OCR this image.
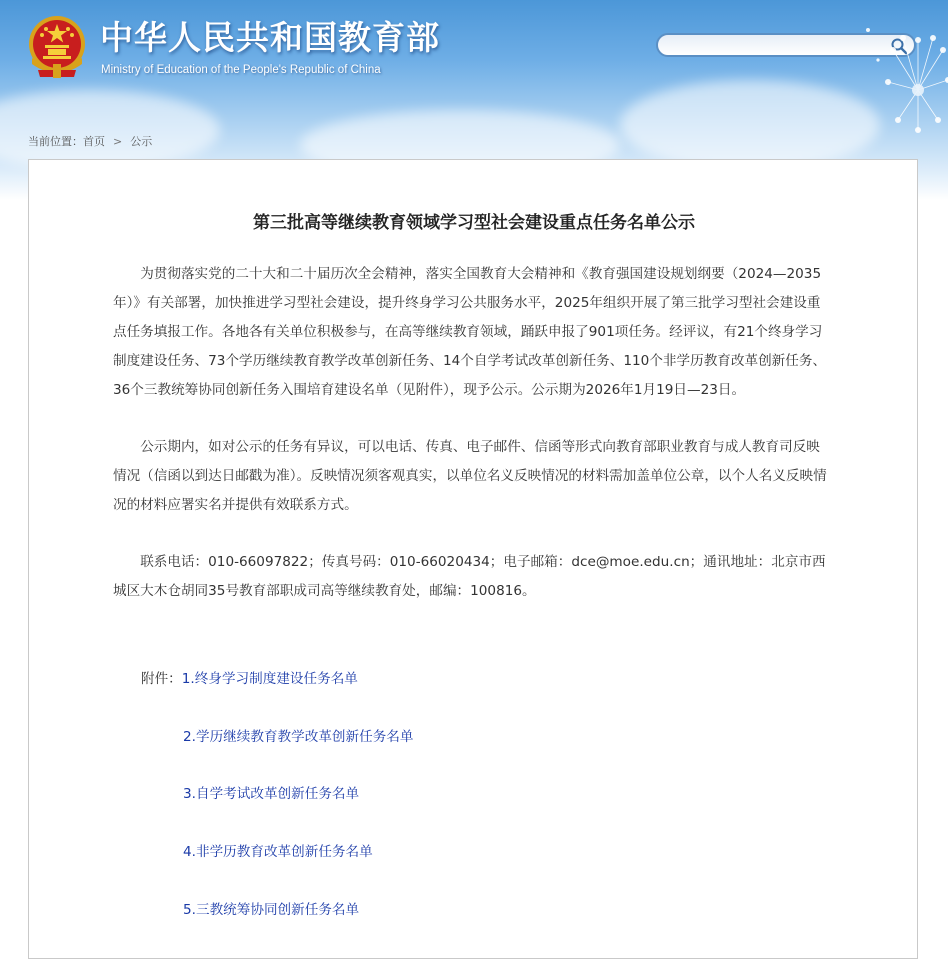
中华人民共和国教育部
Ministry of Education of the People's Republic of China
当前位置：首页 > 公示
第三批高等继续教育领域学习型社会建设重点任务名单公示

为贯彻落实党的二十大和二十届历次全会精神，落实全国教育大会精神和《教育强国建设规划纲要（2024—2035年）》有关部署，加快推进学习型社会建设，提升终身学习公共服务水平，2025年组织开展了第三批学习型社会建设重点任务填报工作。各地各有关单位积极参与，在高等继续教育领域，踊跃申报了901项任务。经评议，有21个终身学习制度建设任务、73个学历继续教育教学改革创新任务、14个自学考试改革创新任务、110个非学历教育改革创新任务、36个三教统筹协同创新任务入围培育建设名单（见附件），现予公示。公示期为2026年1月19日—23日。

公示期内，如对公示的任务有异议，可以电话、传真、电子邮件、信函等形式向教育部职业教育与成人教育司反映情况（信函以到达日邮戳为准）。反映情况须客观真实，以单位名义反映情况的材料需加盖单位公章，以个人名义反映情况的材料应署实名并提供有效联系方式。

联系电话：010-66097822；传真号码：010-66020434；电子邮箱：dce@moe.edu.cn；通讯地址：北京市西城区大木仓胡同35号教育部职成司高等继续教育处，邮编：100816。

附件：1.终身学习制度建设任务名单
2.学历继续教育教学改革创新任务名单
3.自学考试改革创新任务名单
4.非学历教育改革创新任务名单
5.三教统筹协同创新任务名单
